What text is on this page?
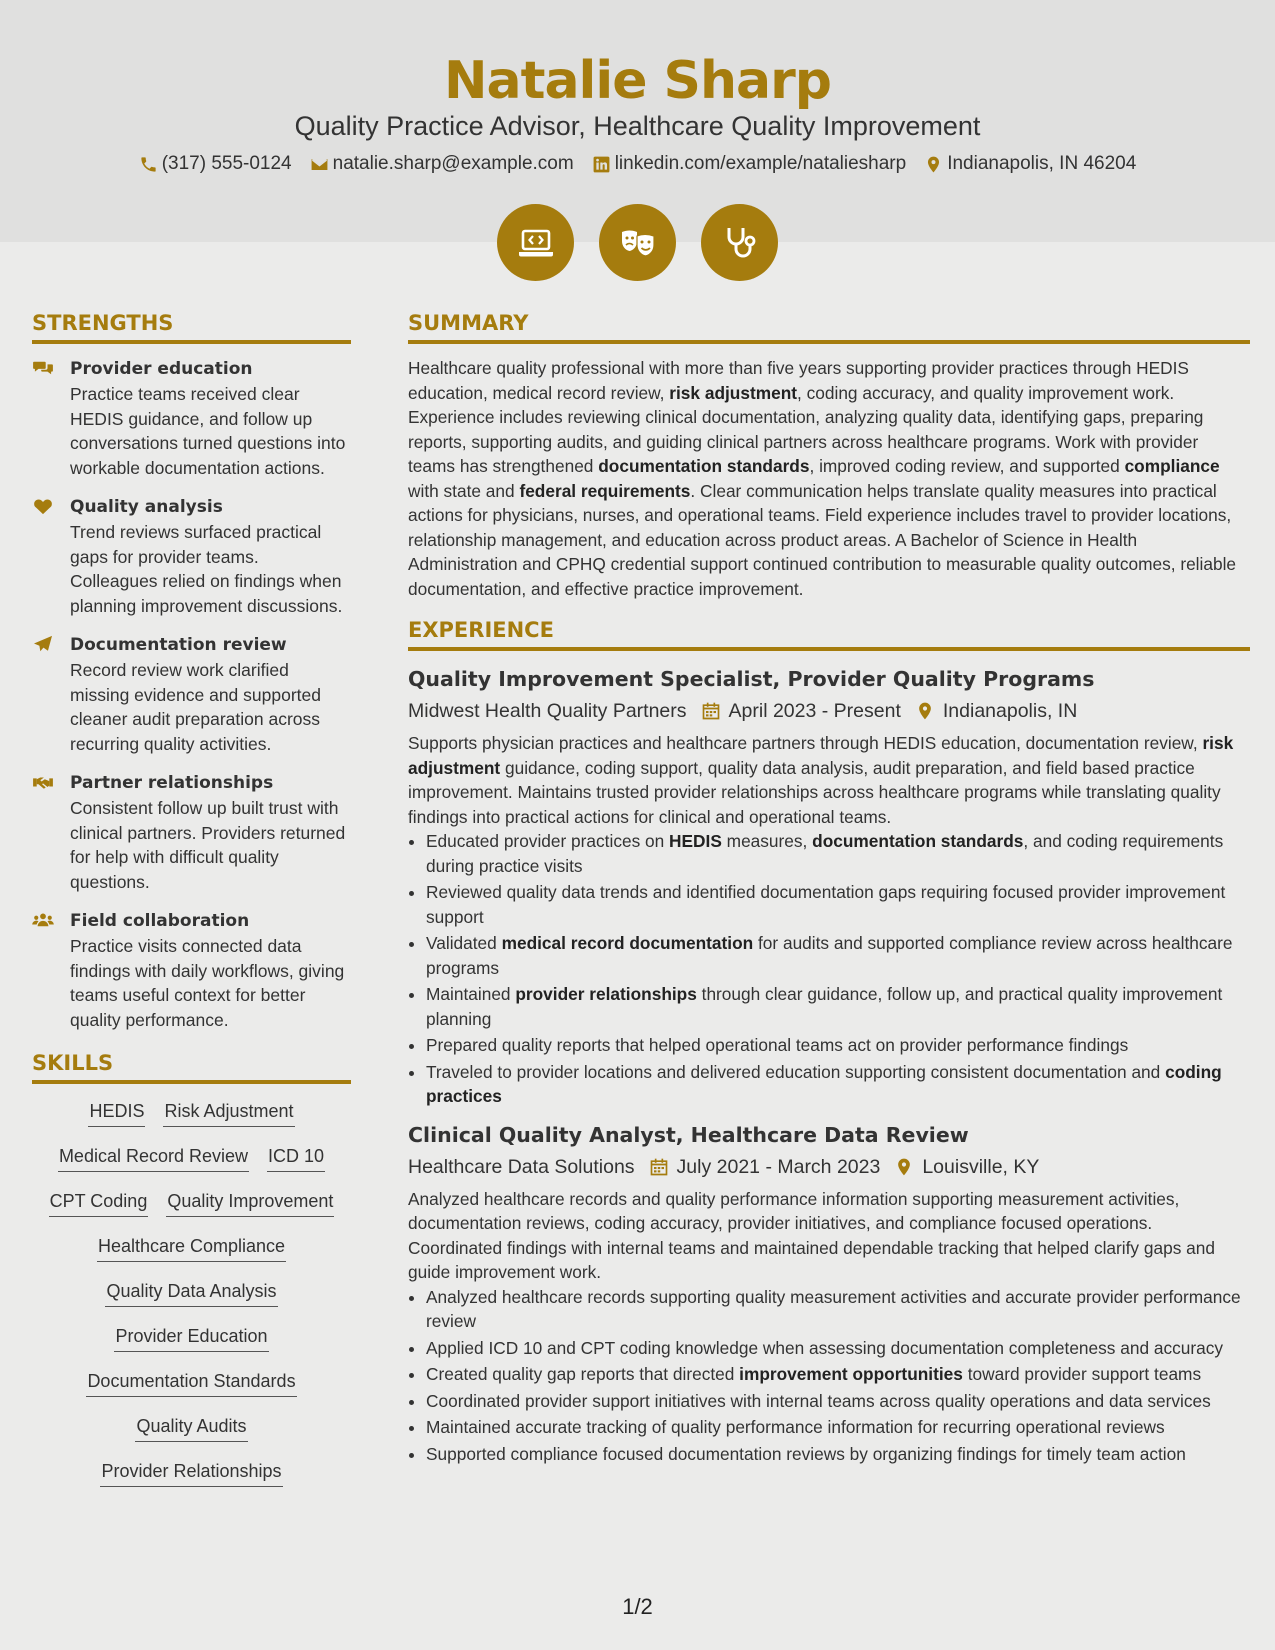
Natalie Sharp
Quality Practice Advisor, Healthcare Quality Improvement
(317) 555-0124 natalie.sharp@example.com linkedin.com/example/nataliesharp Indianapolis, IN 46204
STRENGTHS
Provider education
Practice teams received clear HEDIS guidance, and follow up conversations turned questions into workable documentation actions.
Quality analysis
Trend reviews surfaced practical gaps for provider teams. Colleagues relied on findings when planning improvement discussions.
Documentation review
Record review work clarified missing evidence and supported cleaner audit preparation across recurring quality activities.
Partner relationships
Consistent follow up built trust with clinical partners. Providers returned for help with difficult quality questions.
Field collaboration
Practice visits connected data findings with daily workflows, giving teams useful context for better quality performance.
SKILLS
HEDIS Risk Adjustment
Medical Record Review ICD 10
CPT Coding Quality Improvement
Healthcare Compliance
Quality Data Analysis
Provider Education
Documentation Standards
Quality Audits
Provider Relationships
SUMMARY
Healthcare quality professional with more than five years supporting provider practices through HEDIS education, medical record review, risk adjustment, coding accuracy, and quality improvement work. Experience includes reviewing clinical documentation, analyzing quality data, identifying gaps, preparing reports, supporting audits, and guiding clinical partners across healthcare programs. Work with provider teams has strengthened documentation standards, improved coding review, and supported compliance with state and federal requirements. Clear communication helps translate quality measures into practical actions for physicians, nurses, and operational teams. Field experience includes travel to provider locations, relationship management, and education across product areas. A Bachelor of Science in Health Administration and CPHQ credential support continued contribution to measurable quality outcomes, reliable documentation, and effective practice improvement.
EXPERIENCE
Quality Improvement Specialist, Provider Quality Programs
Midwest Health Quality Partners April 2023 - Present Indianapolis, IN
Supports physician practices and healthcare partners through HEDIS education, documentation review, risk adjustment guidance, coding support, quality data analysis, audit preparation, and field based practice improvement. Maintains trusted provider relationships across healthcare programs while translating quality findings into practical actions for clinical and operational teams.
• Educated provider practices on HEDIS measures, documentation standards, and coding requirements during practice visits
• Reviewed quality data trends and identified documentation gaps requiring focused provider improvement support
• Validated medical record documentation for audits and supported compliance review across healthcare programs
• Maintained provider relationships through clear guidance, follow up, and practical quality improvement planning
• Prepared quality reports that helped operational teams act on provider performance findings
• Traveled to provider locations and delivered education supporting consistent documentation and coding practices
Clinical Quality Analyst, Healthcare Data Review
Healthcare Data Solutions July 2021 - March 2023 Louisville, KY
Analyzed healthcare records and quality performance information supporting measurement activities, documentation reviews, coding accuracy, provider initiatives, and compliance focused operations. Coordinated findings with internal teams and maintained dependable tracking that helped clarify gaps and guide improvement work.
• Analyzed healthcare records supporting quality measurement activities and accurate provider performance review
• Applied ICD 10 and CPT coding knowledge when assessing documentation completeness and accuracy
• Created quality gap reports that directed improvement opportunities toward provider support teams
• Coordinated provider support initiatives with internal teams across quality operations and data services
• Maintained accurate tracking of quality performance information for recurring operational reviews
• Supported compliance focused documentation reviews by organizing findings for timely team action
1/2
